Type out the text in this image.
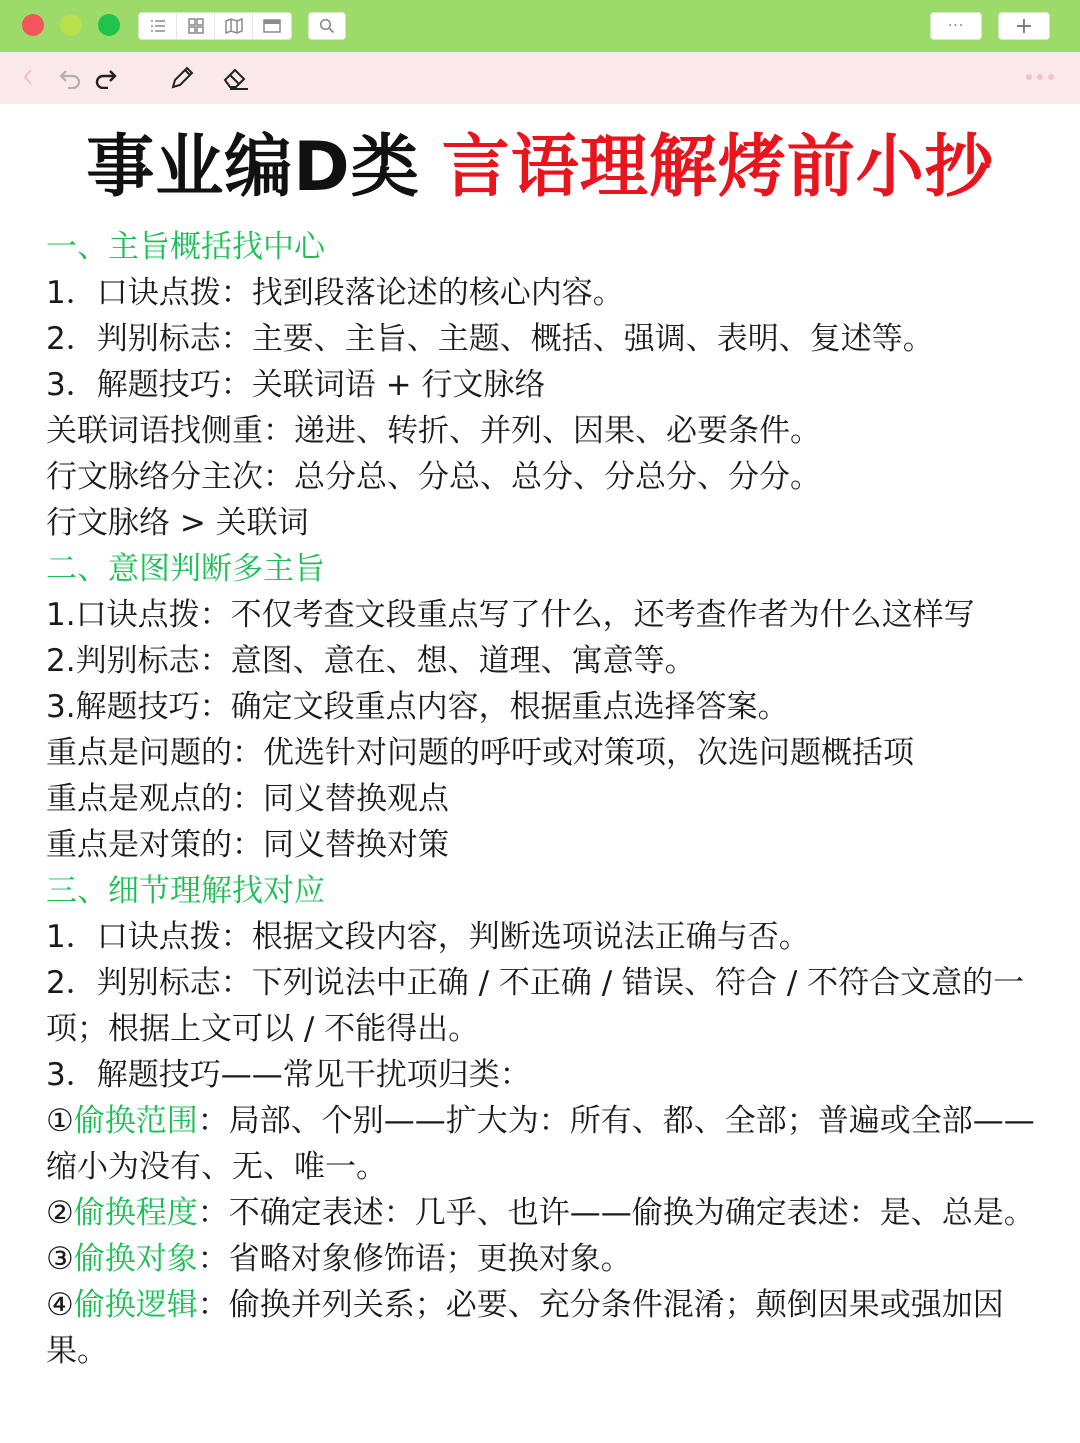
···	+
事业编D类 言语理解烤前小抄
一、主旨概括找中心
1．口诀点拨：找到段落论述的核心内容。
2．判别标志：主要、主旨、主题、概括、强调、表明、复述等。
3．解题技巧：关联词语 + 行文脉络
关联词语找侧重：递进、转折、并列、因果、必要条件。
行文脉络分主次：总分总、分总、总分、分总分、分分。
行文脉络 > 关联词
二、意图判断多主旨
1.口诀点拨：不仅考查文段重点写了什么，还考查作者为什么这样写
2.判别标志：意图、意在、想、道理、寓意等。
3.解题技巧：确定文段重点内容，根据重点选择答案。
重点是问题的：优选针对问题的呼吁或对策项，次选问题概括项
重点是观点的：同义替换观点
重点是对策的：同义替换对策
三、细节理解找对应
1．口诀点拨：根据文段内容，判断选项说法正确与否。
2．判别标志：下列说法中正确 / 不正确 / 错误、符合 / 不符合文意的一项；根据上文可以 / 不能得出。
3．解题技巧——常见干扰项归类：
①偷换范围：局部、个别——扩大为：所有、都、全部；普遍或全部——缩小为没有、无、唯一。
②偷换程度：不确定表述：几乎、也许——偷换为确定表述：是、总是。
③偷换对象：省略对象修饰语；更换对象。
④偷换逻辑：偷换并列关系；必要、充分条件混淆；颠倒因果或强加因果。
